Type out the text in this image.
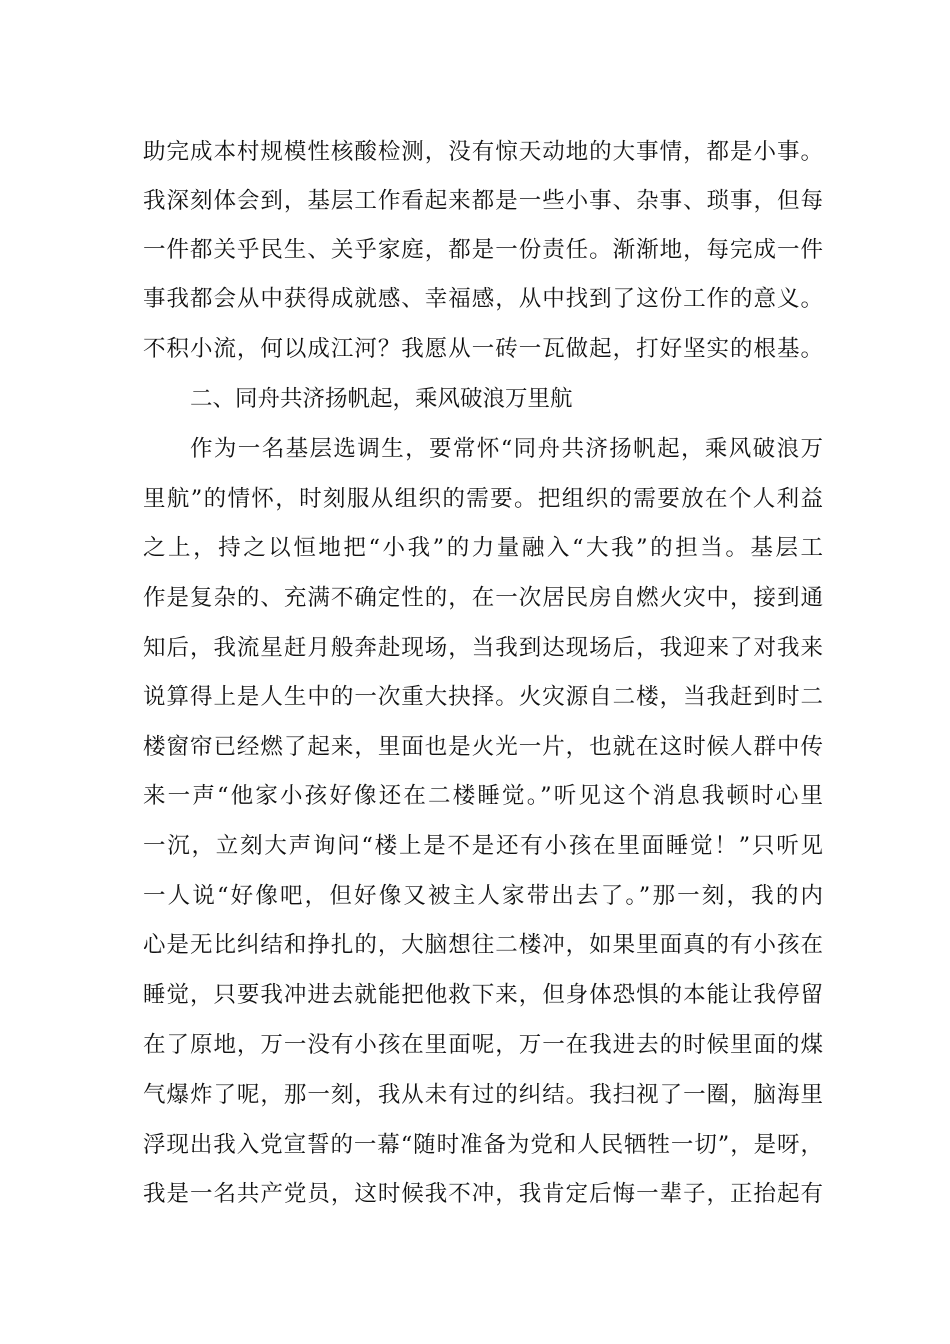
助完成本村规模性核酸检测，没有惊天动地的大事情，都是小事。
我深刻体会到，基层工作看起来都是一些小事、杂事、琐事，但每
一件都关乎民生、关乎家庭，都是一份责任。渐渐地，每完成一件
事我都会从中获得成就感、幸福感，从中找到了这份工作的意义。
不积小流，何以成江河？我愿从一砖一瓦做起，打好坚实的根基。
二、同舟共济扬帆起，乘风破浪万里航
作为一名基层选调生，要常怀“同舟共济扬帆起，乘风破浪万
里航”的情怀，时刻服从组织的需要。把组织的需要放在个人利益
之上，持之以恒地把“小我”的力量融入“大我”的担当。基层工
作是复杂的、充满不确定性的，在一次居民房自燃火灾中，接到通
知后，我流星赶月般奔赴现场，当我到达现场后，我迎来了对我来
说算得上是人生中的一次重大抉择。火灾源自二楼，当我赶到时二
楼窗帘已经燃了起来，里面也是火光一片，也就在这时候人群中传
来一声“他家小孩好像还在二楼睡觉。”听见这个消息我顿时心里
一沉，立刻大声询问“楼上是不是还有小孩在里面睡觉！”只听见
一人说“好像吧，但好像又被主人家带出去了。”那一刻，我的内
心是无比纠结和挣扎的，大脑想往二楼冲，如果里面真的有小孩在
睡觉，只要我冲进去就能把他救下来，但身体恐惧的本能让我停留
在了原地，万一没有小孩在里面呢，万一在我进去的时候里面的煤
气爆炸了呢，那一刻，我从未有过的纠结。我扫视了一圈，脑海里
浮现出我入党宣誓的一幕“随时准备为党和人民牺牲一切”，是呀，
我是一名共产党员，这时候我不冲，我肯定后悔一辈子，正抬起有
